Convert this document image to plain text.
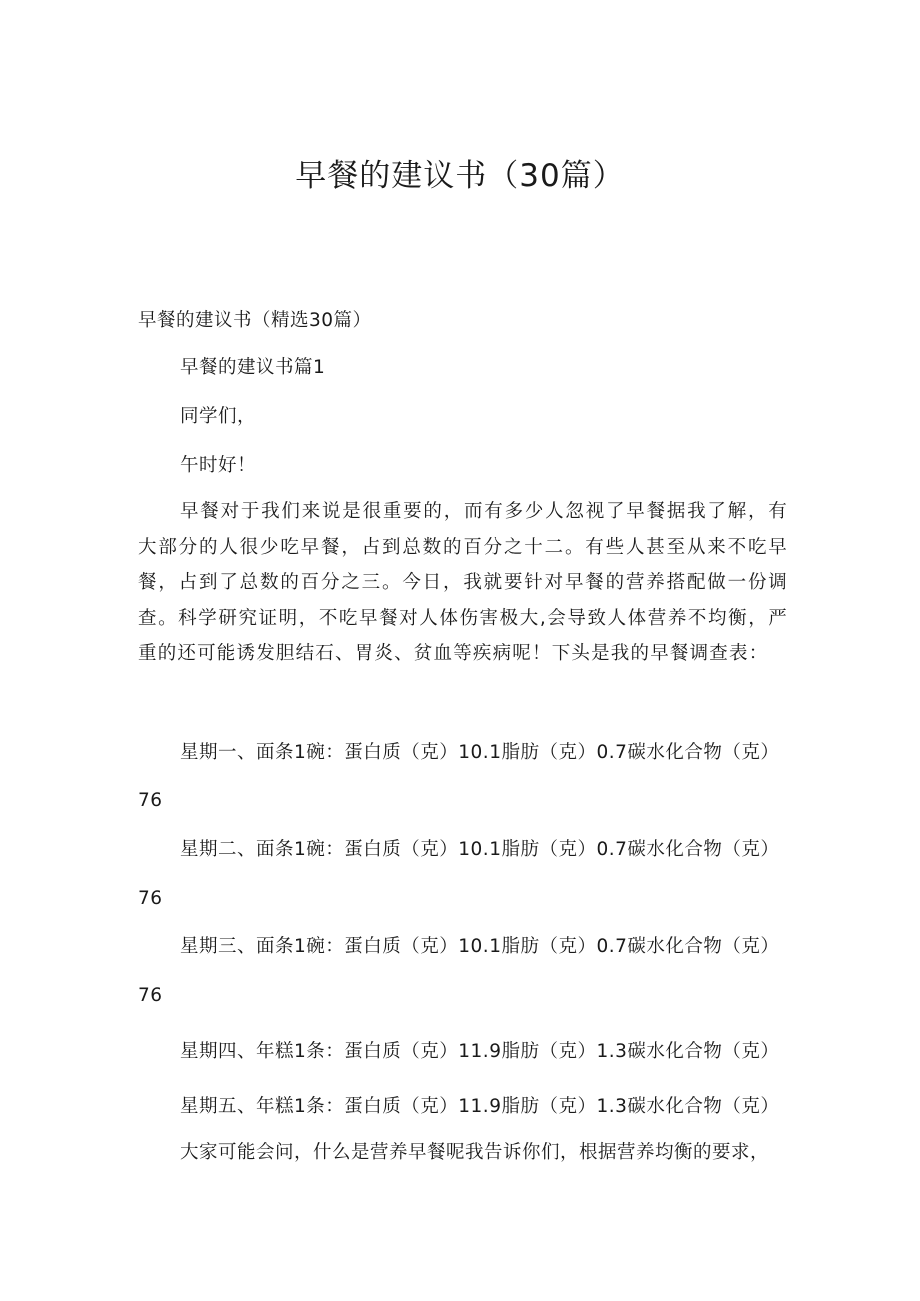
早餐的建议书（30篇）
早餐的建议书（精选30篇）
早餐的建议书篇1
同学们，
午时好！
早餐对于我们来说是很重要的，而有多少人忽视了早餐据我了解，有
大部分的人很少吃早餐，占到总数的百分之十二。有些人甚至从来不吃早
餐，占到了总数的百分之三。今日，我就要针对早餐的营养搭配做一份调
查。科学研究证明，不吃早餐对人体伤害极大,会导致人体营养不均衡，严
重的还可能诱发胆结石、胃炎、贫血等疾病呢！下头是我的早餐调查表：
星期一、面条1碗：蛋白质（克）10.1脂肪（克）0.7碳水化合物（克）
76
星期二、面条1碗：蛋白质（克）10.1脂肪（克）0.7碳水化合物（克）
76
星期三、面条1碗：蛋白质（克）10.1脂肪（克）0.7碳水化合物（克）
76
星期四、年糕1条：蛋白质（克）11.9脂肪（克）1.3碳水化合物（克）
星期五、年糕1条：蛋白质（克）11.9脂肪（克）1.3碳水化合物（克）
大家可能会问，什么是营养早餐呢我告诉你们，根据营养均衡的要求，
